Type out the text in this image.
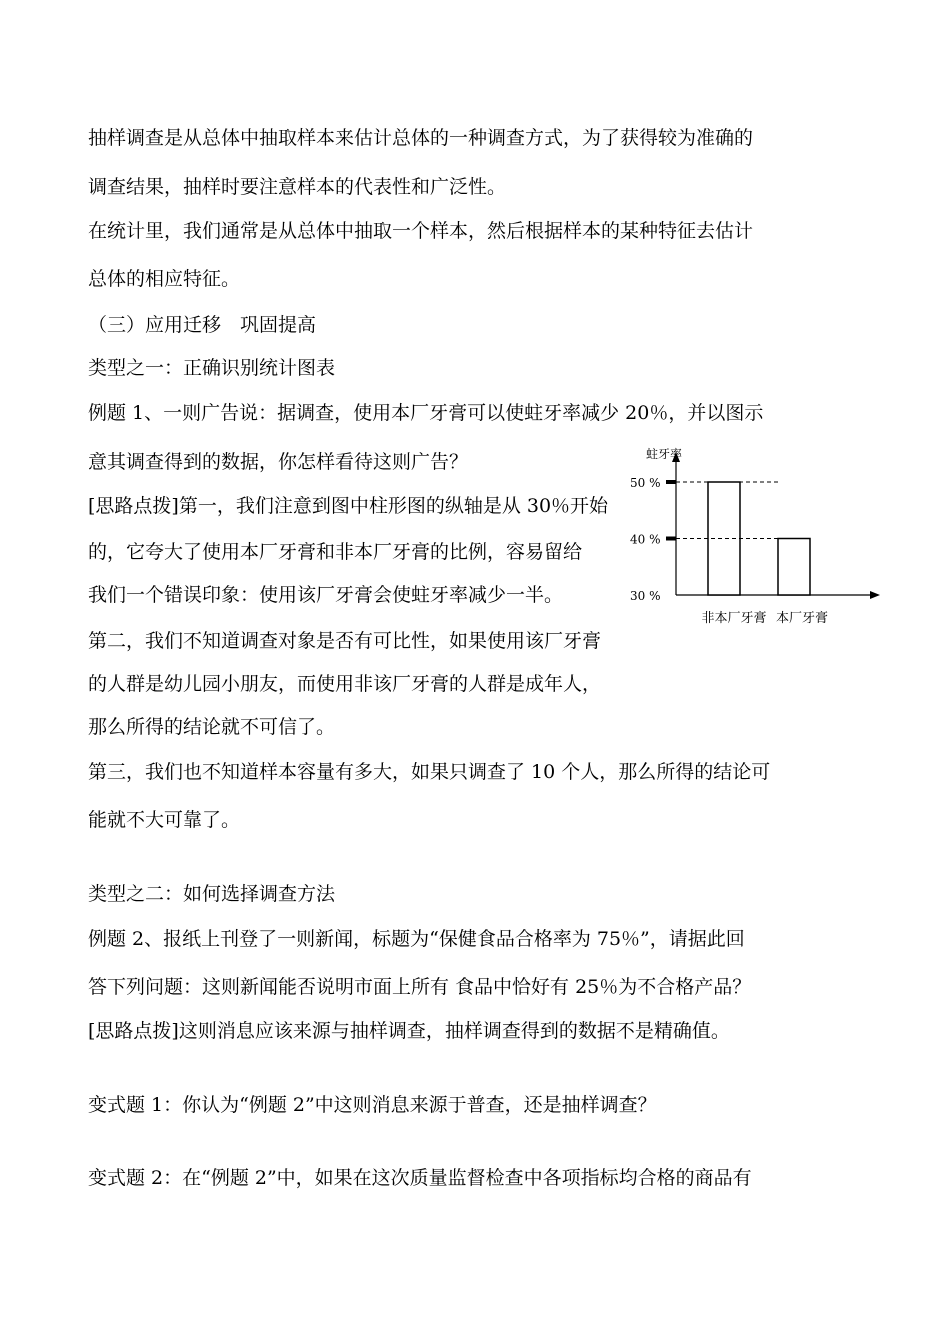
抽样调查是从总体中抽取样本来估计总体的一种调查方式，为了获得较为准确的
调查结果，抽样时要注意样本的代表性和广泛性。
在统计里，我们通常是从总体中抽取一个样本，然后根据样本的某种特征去估计
总体的相应特征。
（三）应用迁移　巩固提高
类型之一：正确识别统计图表
例题 1、一则广告说：据调查，使用本厂牙膏可以使蛀牙率减少 20％，并以图示
意其调查得到的数据，你怎样看待这则广告？
[思路点拨]第一，我们注意到图中柱形图的纵轴是从 30％开始
的，它夸大了使用本厂牙膏和非本厂牙膏的比例，容易留给
我们一个错误印象：使用该厂牙膏会使蛀牙率减少一半。
第二，我们不知道调查对象是否有可比性，如果使用该厂牙膏
的人群是幼儿园小朋友，而使用非该厂牙膏的人群是成年人，
那么所得的结论就不可信了。
第三，我们也不知道样本容量有多大，如果只调查了 10 个人，那么所得的结论可
能就不大可靠了。
类型之二：如何选择调查方法
例题 2、报纸上刊登了一则新闻，标题为“保健食品合格率为 75％”，请据此回
答下列问题：这则新闻能否说明市面上所有 食品中恰好有 25％为不合格产品？
[思路点拨]这则消息应该来源与抽样调查，抽样调查得到的数据不是精确值。
变式题 1：你认为“例题 2”中这则消息来源于普查，还是抽样调查？
变式题 2：在“例题 2”中，如果在这次质量监督检查中各项指标均合格的商品有
50 %
40 %
30 %
蛀牙率
非本厂牙膏 本厂牙膏
